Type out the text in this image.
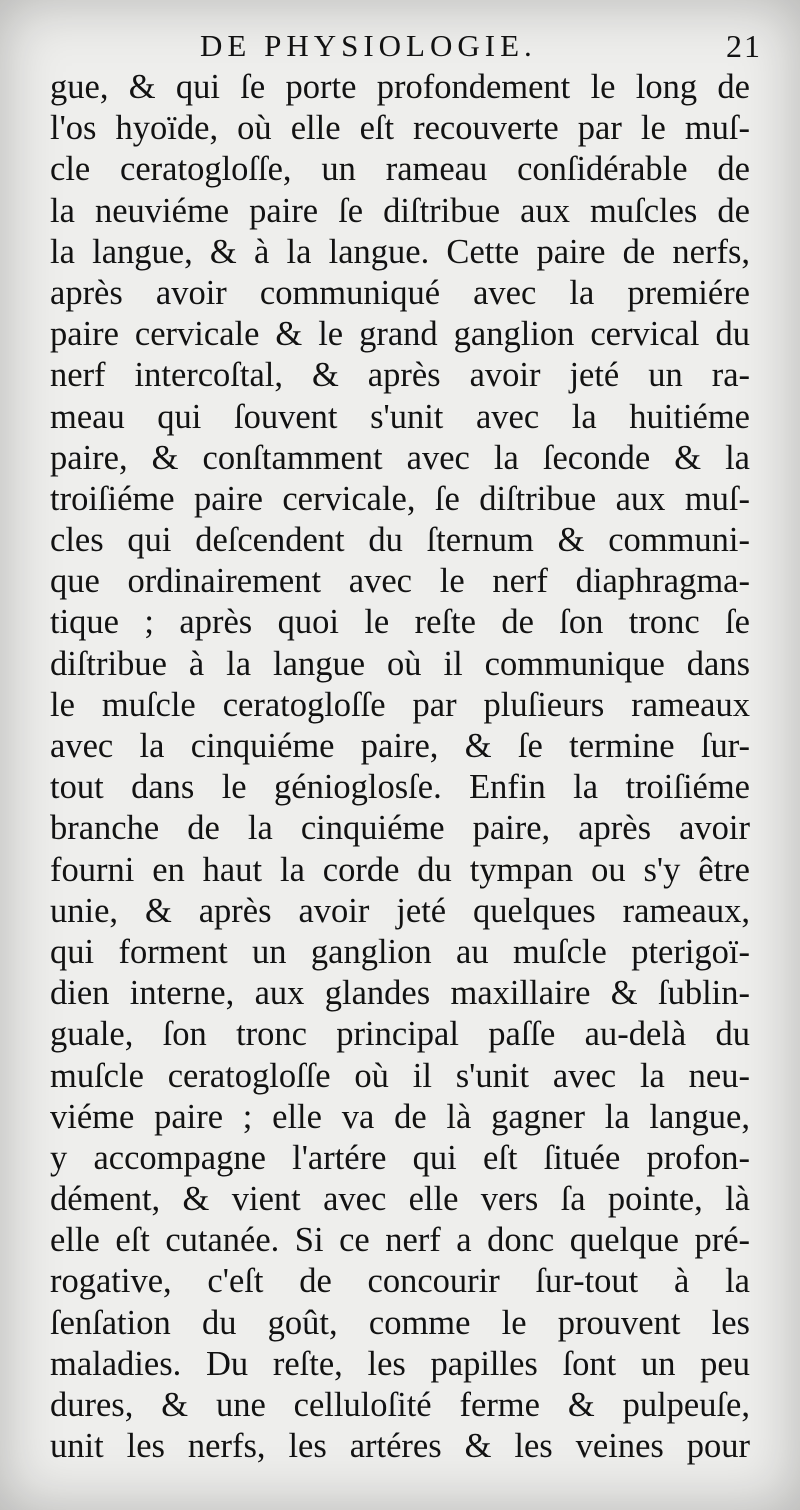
DE PHYSIOLOGIE.	21
gue, & qui ſe porte profondement le long de
l'os hyoïde, où elle eſt recouverte par le muſ-
cle ceratogloſſe, un rameau conſidérable de
la neuviéme paire ſe diſtribue aux muſcles de
la langue, & à la langue. Cette paire de nerfs,
après avoir communiqué avec la premiére
paire cervicale & le grand ganglion cervical du
nerf intercoſtal, & après avoir jeté un ra-
meau qui ſouvent s'unit avec la huitiéme
paire, & conſtamment avec la ſeconde & la
troiſiéme paire cervicale, ſe diſtribue aux muſ-
cles qui deſcendent du ſternum & communi-
que ordinairement avec le nerf diaphragma-
tique ; après quoi le reſte de ſon tronc ſe
diſtribue à la langue où il communique dans
le muſcle ceratogloſſe par pluſieurs rameaux
avec la cinquiéme paire, & ſe termine ſur-
tout dans le génioglosſe. Enfin la troiſiéme
branche de la cinquiéme paire, après avoir
fourni en haut la corde du tympan ou s'y être
unie, & après avoir jeté quelques rameaux,
qui forment un ganglion au muſcle pterigoï-
dien interne, aux glandes maxillaire & ſublin-
guale, ſon tronc principal paſſe au-delà du
muſcle ceratogloſſe où il s'unit avec la neu-
viéme paire ; elle va de là gagner la langue,
y accompagne l'artére qui eſt ſituée profon-
dément, & vient avec elle vers ſa pointe, là
elle eſt cutanée. Si ce nerf a donc quelque pré-
rogative, c'eſt de concourir ſur-tout à la
ſenſation du goût, comme le prouvent les
maladies. Du reſte, les papilles ſont un peu
dures, & une celluloſité ferme & pulpeuſe,
unit les nerfs, les artéres & les veines pour
